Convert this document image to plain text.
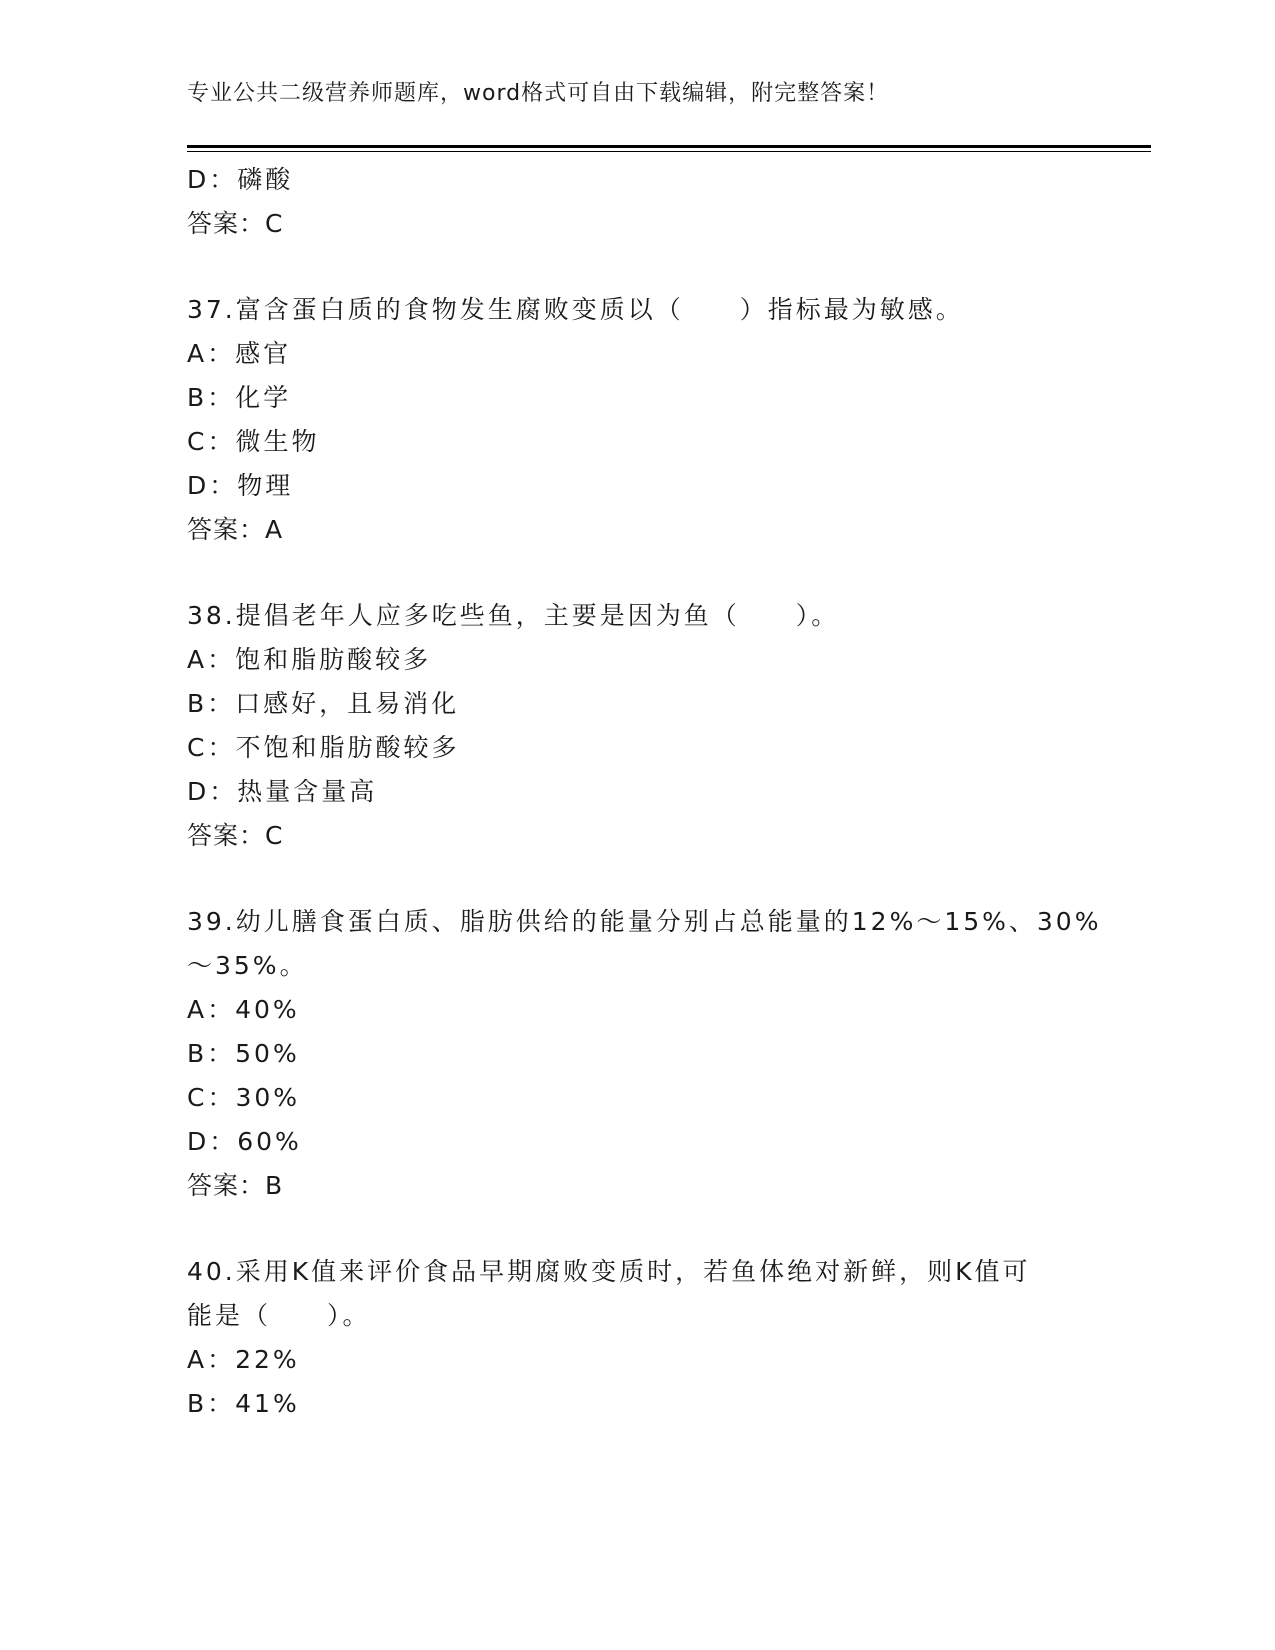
专业公共二级营养师题库，word格式可自由下载编辑，附完整答案！
D：磷酸
答案：C
37.富含蛋白质的食物发生腐败变质以（　　）指标最为敏感。
A：感官
B：化学
C：微生物
D：物理
答案：A
38.提倡老年人应多吃些鱼，主要是因为鱼（　　）。
A：饱和脂肪酸较多
B：口感好，且易消化
C：不饱和脂肪酸较多
D：热量含量高
答案：C
39.幼儿膳食蛋白质、脂肪供给的能量分别占总能量的12%～15%、30%
～35%。
A：40%
B：50%
C：30%
D：60%
答案：B
40.采用K值来评价食品早期腐败变质时，若鱼体绝对新鲜，则K值可
能是（　　）。
A：22%
B：41%
